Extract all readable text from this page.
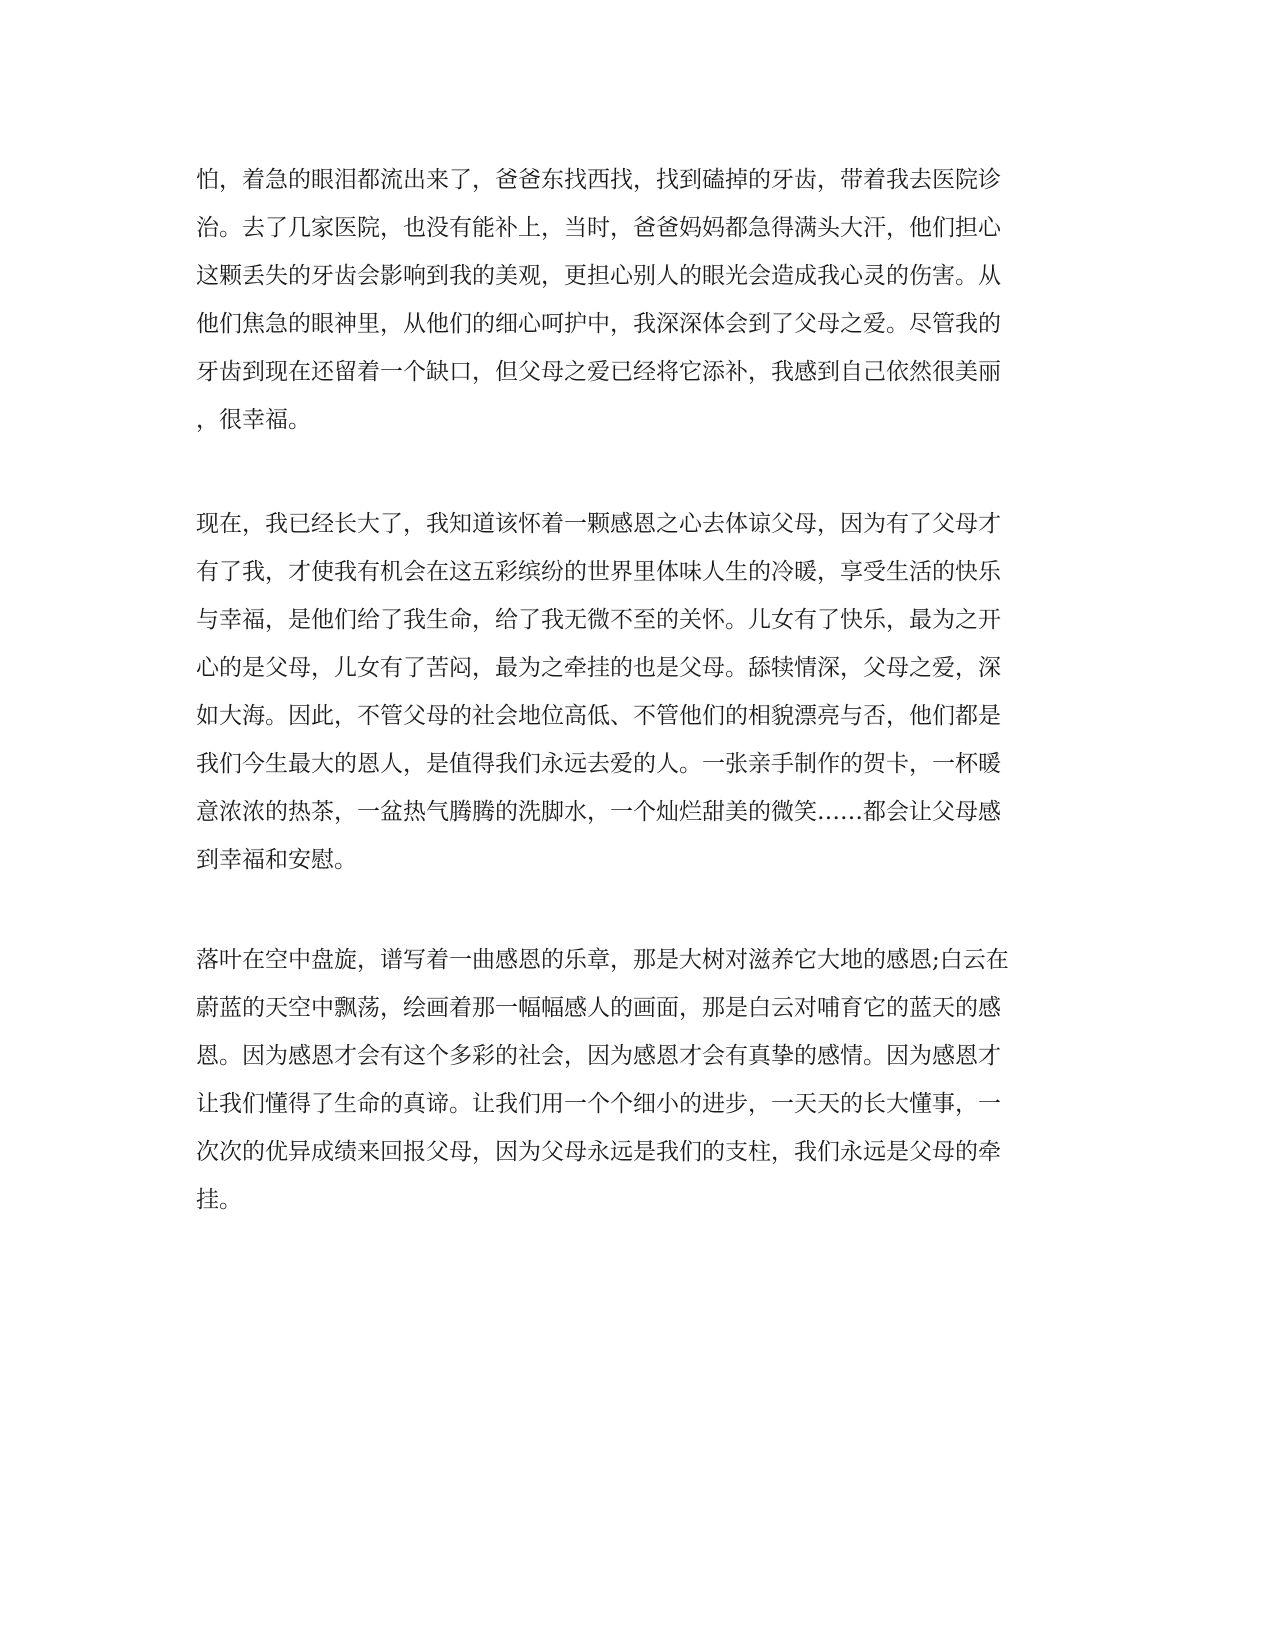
怕，着急的眼泪都流出来了，爸爸东找西找，找到磕掉的牙齿，带着我去医院诊
治。去了几家医院，也没有能补上，当时，爸爸妈妈都急得满头大汗，他们担心
这颗丢失的牙齿会影响到我的美观，更担心别人的眼光会造成我心灵的伤害。从
他们焦急的眼神里，从他们的细心呵护中，我深深体会到了父母之爱。尽管我的
牙齿到现在还留着一个缺口，但父母之爱已经将它添补，我感到自己依然很美丽
，很幸福。
现在，我已经长大了，我知道该怀着一颗感恩之心去体谅父母，因为有了父母才
有了我，才使我有机会在这五彩缤纷的世界里体味人生的冷暖，享受生活的快乐
与幸福，是他们给了我生命，给了我无微不至的关怀。儿女有了快乐，最为之开
心的是父母，儿女有了苦闷，最为之牵挂的也是父母。舔犊情深，父母之爱，深
如大海。因此，不管父母的社会地位高低、不管他们的相貌漂亮与否，他们都是
我们今生最大的恩人，是值得我们永远去爱的人。一张亲手制作的贺卡，一杯暖
意浓浓的热茶，一盆热气腾腾的洗脚水，一个灿烂甜美的微笑……都会让父母感
到幸福和安慰。
落叶在空中盘旋，谱写着一曲感恩的乐章，那是大树对滋养它大地的感恩;白云在
蔚蓝的天空中飘荡，绘画着那一幅幅感人的画面，那是白云对哺育它的蓝天的感
恩。因为感恩才会有这个多彩的社会，因为感恩才会有真挚的感情。因为感恩才
让我们懂得了生命的真谛。让我们用一个个细小的进步，一天天的长大懂事，一
次次的优异成绩来回报父母，因为父母永远是我们的支柱，我们永远是父母的牵
挂。
